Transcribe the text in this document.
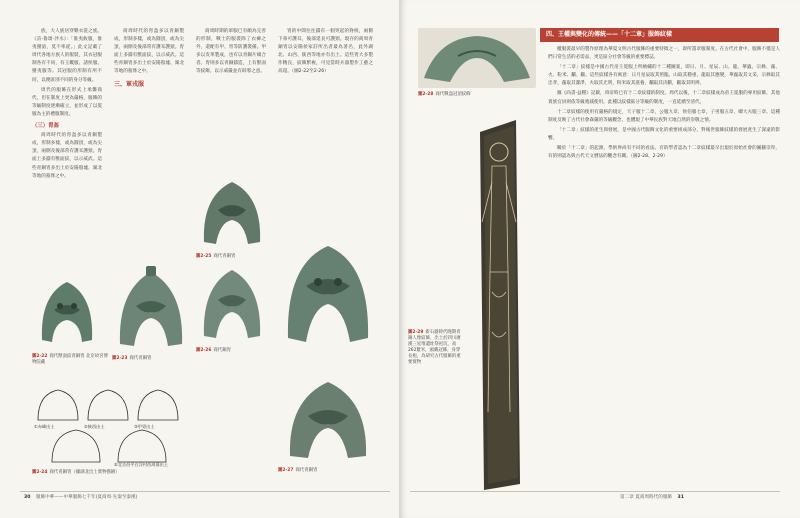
族，大人族居穿雜衣裳之族。《詩‧魯頌‧泮水》：「淮夷攸服，淮夷蠻貊，莫不率從。」此文記載了周代各地方族人的服裝，其衣冠服制各有不同，有王畿服、諸侯服、蠻夷服等。其冠服的形制有所不同，以便區別不同的身分等級。

周代的服飾在形式上承襲商代，但在制度上更為嚴格，服飾的等級制度逐漸確立，並形成了以冕服為主的禮服制度。

（三）胄盔

商周時代的胄盔多以青銅製成，形制多樣，或為圓頂，或為尖頂，兩側及後部常有護耳護頸。胄面上多鑄有獸面紋，以示威武。這些青銅胄多出土於安陽殷墟、湖北等地的墓葬之中。

商周時代的胄盔多以青銅製成，形制多樣，或為圓頂，或為尖頂，兩側及後部常有護耳護頸。胄面上多鑄有獸面紋，以示威武。這些青銅胄多出土於安陽殷墟、湖北等地的墓葬之中。

三、軍戎服

商周時期的軍服已有頗為完善的形制，戰士的服裝除了衣褲之外，還配有甲、胄等防護裝備。甲多以皮革製成，也有以青銅片綴合者。胄則多以青銅鑄造，上有獸面等紋飾，以示威嚴並有辟邪之意。

胄的中間往往鑄有一個突起的脊棱，兩側下垂可護耳，後部延長可護頸。現存的商周青銅胄以安陽侯家莊所出者最為著名，此外湖北、山西、陝西等地亦有出土。這些胄大多製作精良，紋飾繁複，可見當時兵器製作工藝之高超。（圖2-22至2-26）

圖2-22 商代獸面紋青銅胄 北京故宮博物院藏
圖2-23 商代青銅胄
圖2-24 商代青銅胄（據湖北出土實物描繪）
圖2-25 商代青銅胄
圖2-26 商代銅胄
圖2-27 商代青銅胄
①赤峰出土	②陝西出土	③甲胄出土
⑤北京昌平白浮村西周墓出土
30 服飾中華——中華服飾七千年(夏商周‧先秦至秦漢)
圖2-28 商代戰盔冠頂紋飾
圖2-29 新石器時代晚期青銅人像紋飾，出土於四川廣漢三星堆遺址祭祀坑，高262釐米，頭戴冠飾，身穿長袍，為研究古代服飾的重要實物

權服裝最早的製作原理為華夏文明古代服飾的重要特徵之一，即所謂章服制度。在古代社會中，服飾不僅是人們日常生活的必需品，更是區分社會等級的重要標誌。

「十二章」紋樣是中國古代帝王冕服上所繪繡的十二種圖案，即日、月、星辰、山、龍、華蟲、宗彝、藻、火、粉米、黼、黻。這些紋樣各有寓意：日月星辰取其照臨，山取其穩重，龍取其應變，華蟲取其文采，宗彝取其忠孝，藻取其潔淨，火取其光明，粉米取其滋養，黼取其決斷，黻取其明辨。

據《尚書‧益稷》記載，舜帝時已有十二章紋樣的制度。周代以後，十二章紋樣成為帝王冕服的專用紋飾，其他貴族官員則依等級遞減使用。此種以紋樣區分等級的制度，一直延續至清代。

十二章紋樣的使用有嚴格的規定，天子服十二章，公服九章，侯伯服七章，子男服五章，卿大夫服三章。這種制度反映了古代社會森嚴的等級觀念，也體現了中華民族對天地自然的崇敬之情。

「十二章」紋樣的產生與發展，是中國古代服飾文化的重要組成部分，對後世服飾紋樣的發展產生了深遠的影響。

關於「十二章」的起源，學術界尚有不同的看法。有的學者認為十二章紋樣最早出現於原始社會的圖騰崇拜，有的則認為與古代天文曆法的觀念有關。（圖2-28、2-29）

第二章 夏商周時代的服飾 31
四、王權與變化的傳統——「十二章」服飾紋樣
